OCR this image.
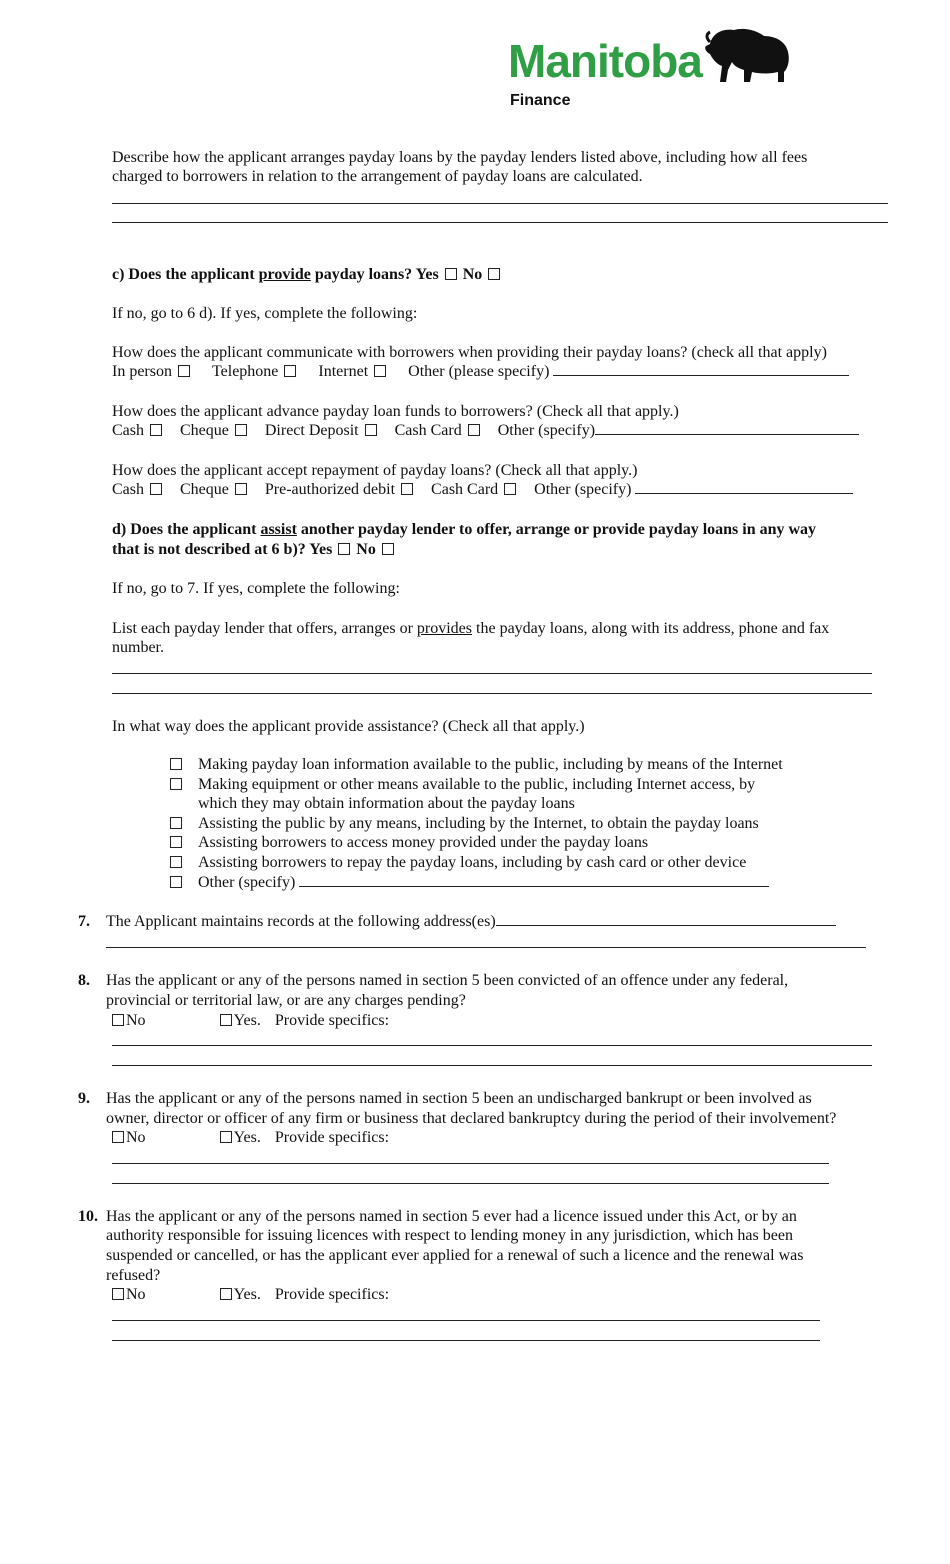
Manitoba
Finance
Describe how the applicant arranges payday loans by the payday lenders listed above, including how all fees
charged to borrowers in relation to the arrangement of payday loans are calculated.
c) Does the applicant provide payday loans? Yes No
If no, go to 6 d). If yes, complete the following:
How does the applicant communicate with borrowers when providing their payday loans? (check all that apply)
In person	Telephone	Internet	Other (please specify)
How does the applicant advance payday loan funds to borrowers? (Check all that apply.)
Cash Cheque Direct Deposit Cash Card Other (specify)
How does the applicant accept repayment of payday loans? (Check all that apply.)
Cash Cheque Pre-authorized debit Cash Card Other (specify)
d) Does the applicant assist another payday lender to offer, arrange or provide payday loans in any way
that is not described at 6 b)? Yes No
If no, go to 7. If yes, complete the following:
List each payday lender that offers, arranges or provides the payday loans, along with its address, phone and fax
number.
In what way does the applicant provide assistance? (Check all that apply.)
Making payday loan information available to the public, including by means of the Internet
Making equipment or other means available to the public, including Internet access, by
which they may obtain information about the payday loans
Assisting the public by any means, including by the Internet, to obtain the payday loans
Assisting borrowers to access money provided under the payday loans
Assisting borrowers to repay the payday loans, including by cash card or other device
Other (specify)
7. The Applicant maintains records at the following address(es)
8. Has the applicant or any of the persons named in section 5 been convicted of an offence under any federal,
provincial or territorial law, or are any charges pending?
No	Yes. Provide specifics:
9. Has the applicant or any of the persons named in section 5 been an undischarged bankrupt or been involved as
owner, director or officer of any firm or business that declared bankruptcy during the period of their involvement?
No	Yes. Provide specifics:
10. Has the applicant or any of the persons named in section 5 ever had a licence issued under this Act, or by an
authority responsible for issuing licences with respect to lending money in any jurisdiction, which has been
suspended or cancelled, or has the applicant ever applied for a renewal of such a licence and the renewal was
refused?
No	Yes. Provide specifics:
